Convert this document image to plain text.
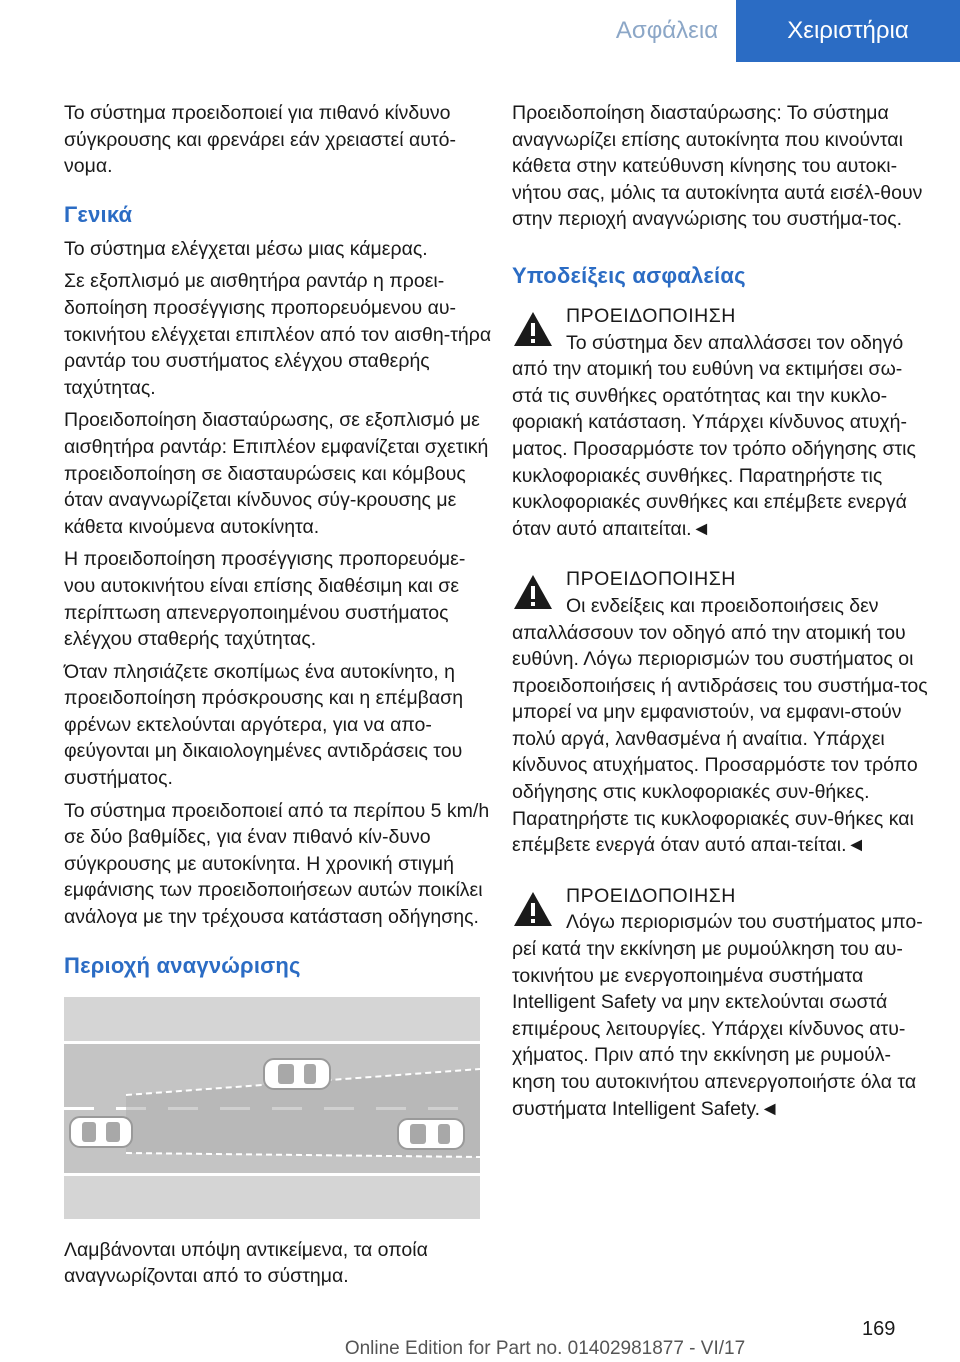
Ασφάλεια	Χειριστήρια

Το σύστημα προειδοποιεί για πιθανό κίνδυνο σύγκρουσης και φρενάρει εάν χρειαστεί αυτό-νομα.

Γενικά

Το σύστημα ελέγχεται μέσω μιας κάμερας.

Σε εξοπλισμό με αισθητήρα ραντάρ η προει-δοποίηση προσέγγισης προπορευόμενου αυ-τοκινήτου ελέγχεται επιπλέον από τον αισθη-τήρα ραντάρ του συστήματος ελέγχου σταθερής ταχύτητας.

Προειδοποίηση διασταύρωσης, σε εξοπλισμό με αισθητήρα ραντάρ: Επιπλέον εμφανίζεται σχετική προειδοποίηση σε διασταυρώσεις και κόμβους όταν αναγνωρίζεται κίνδυνος σύγ-κρουσης με κάθετα κινούμενα αυτοκίνητα.

Η προειδοποίηση προσέγγισης προπορευόμε-νου αυτοκινήτου είναι επίσης διαθέσιμη και σε περίπτωση απενεργοποιημένου συστήματος ελέγχου σταθερής ταχύτητας.

Όταν πλησιάζετε σκοπίμως ένα αυτοκίνητο, η προειδοποίηση πρόσκρουσης και η επέμβαση φρένων εκτελούνται αργότερα, για να απο-φεύγονται μη δικαιολογημένες αντιδράσεις του συστήματος.

Το σύστημα προειδοποιεί από τα περίπου 5 km/h σε δύο βαθμίδες, για έναν πιθανό κίν-δυνο σύγκρουσης με αυτοκίνητα. Η χρονική στιγμή εμφάνισης των προειδοποιήσεων αυτών ποικίλει ανάλογα με την τρέχουσα κατάσταση οδήγησης.

Περιοχή αναγνώρισης

Λαμβάνονται υπόψη αντικείμενα, τα οποία αναγνωρίζονται από το σύστημα.

Προειδοποίηση διασταύρωσης: Το σύστημα αναγνωρίζει επίσης αυτοκίνητα που κινούνται κάθετα στην κατεύθυνση κίνησης του αυτοκι-νήτου σας, μόλις τα αυτοκίνητα αυτά εισέλ-θουν στην περιοχή αναγνώρισης του συστήμα-τος.

Υποδείξεις ασφαλείας
ΠΡΟΕΙΔΟΠΟΙΗΣΗ
Το σύστημα δεν απαλλάσσει τον οδηγό
από την ατομική του ευθύνη να εκτιμήσει σω-στά τις συνθήκες ορατότητας και την κυκλο-φοριακή κατάσταση. Υπάρχει κίνδυνος ατυχή-ματος. Προσαρμόστε τον τρόπο οδήγησης στις κυκλοφοριακές συνθήκες. Παρατηρήστε τις κυκλοφοριακές συνθήκες και επέμβετε ενεργά όταν αυτό απαιτείται.◄
ΠΡΟΕΙΔΟΠΟΙΗΣΗ
Οι ενδείξεις και προειδοποιήσεις δεν
απαλλάσσουν τον οδηγό από την ατομική του ευθύνη. Λόγω περιορισμών του συστήματος οι προειδοποιήσεις ή αντιδράσεις του συστήμα-τος μπορεί να μην εμφανιστούν, να εμφανι-στούν πολύ αργά, λανθασμένα ή αναίτια. Υπάρχει κίνδυνος ατυχήματος. Προσαρμόστε τον τρόπο οδήγησης στις κυκλοφοριακές συν-θήκες. Παρατηρήστε τις κυκλοφοριακές συν-θήκες και επέμβετε ενεργά όταν αυτό απαι-τείται.◄
ΠΡΟΕΙΔΟΠΟΙΗΣΗ
Λόγω περιορισμών του συστήματος μπο-
ρεί κατά την εκκίνηση με ρυμούλκηση του αυ-τοκινήτου με ενεργοποιημένα συστήματα Intelligent Safety να μην εκτελούνται σωστά επιμέρους λειτουργίες. Υπάρχει κίνδυνος ατυ-χήματος. Πριν από την εκκίνηση με ρυμούλ-κηση του αυτοκινήτου απενεργοποιήστε όλα τα συστήματα Intelligent Safety.◄
169
Online Edition for Part no. 01402981877 - VI/17
